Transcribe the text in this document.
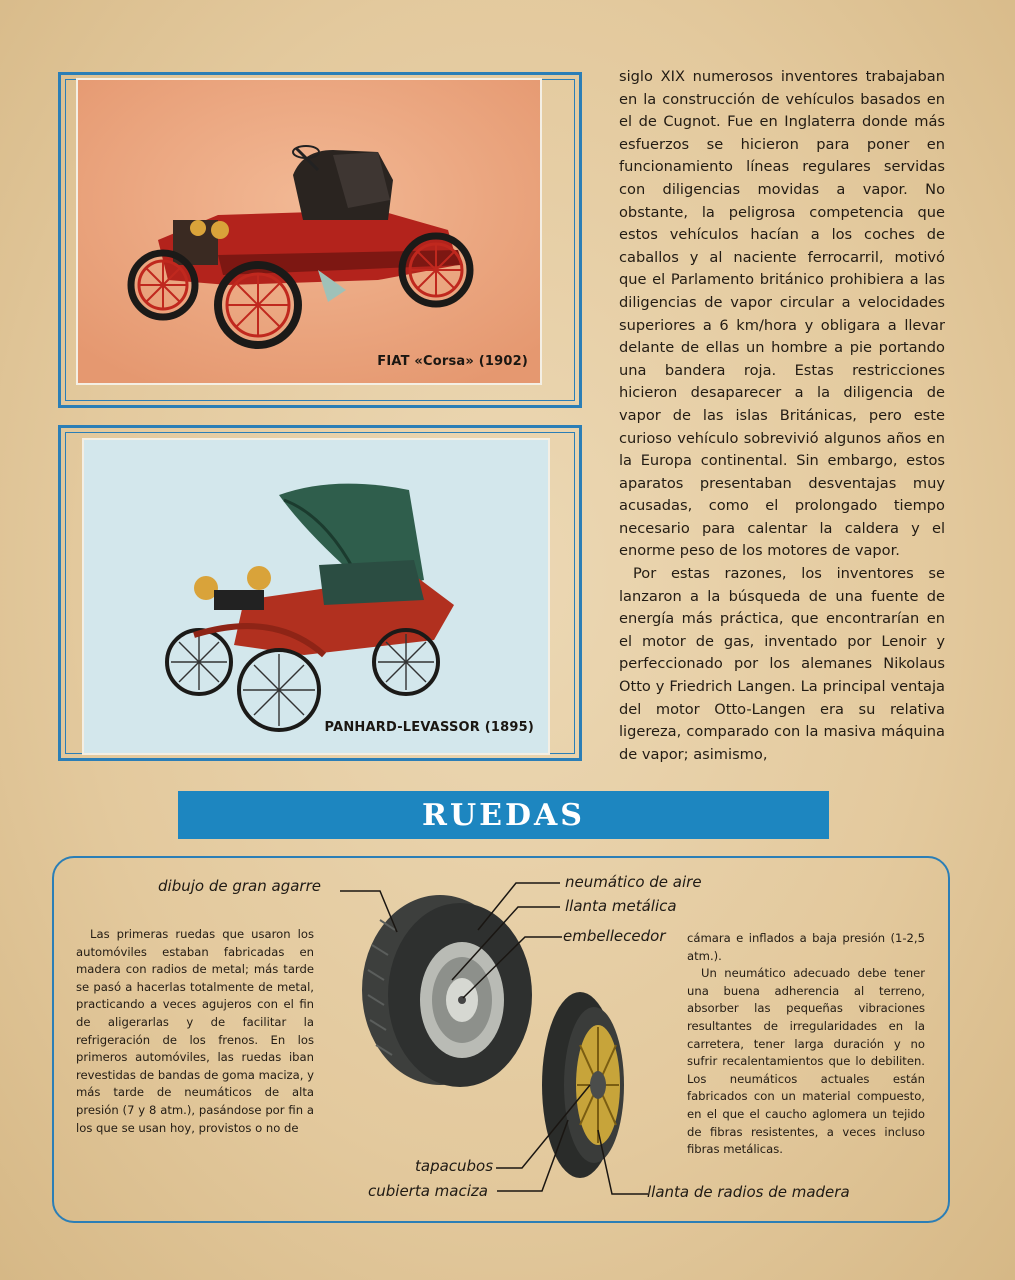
FIAT «Corsa» (1902)
PANHARD-LEVASSOR (1895)

siglo XIX numerosos inventores trabajaban en la construcción de vehículos basados en el de Cugnot. Fue en Inglaterra donde más esfuerzos se hicieron para poner en funcionamiento líneas regulares servidas con diligencias movidas a vapor. No obstante, la peligrosa competencia que estos vehículos hacían a los coches de caballos y al naciente ferrocarril, motivó que el Parlamento británico prohibiera a las diligencias de vapor circular a velocidades superiores a 6 km/hora y obligara a llevar delante de ellas un hombre a pie portando una bandera roja. Estas restricciones hicieron desaparecer a la diligencia de vapor de las islas Británicas, pero este curioso vehículo sobrevivió algunos años en la Europa continental. Sin embargo, estos aparatos presentaban desventajas muy acusadas, como el prolongado tiempo necesario para calentar la caldera y el enorme peso de los motores de vapor.

Por estas razones, los inventores se lanzaron a la búsqueda de una fuente de energía más práctica, que encontrarían en el motor de gas, inventado por Lenoir y perfeccionado por los alemanes Nikolaus Otto y Friedrich Langen. La principal ventaja del motor Otto-Langen era su relativa ligereza, comparado con la masiva máquina de vapor; asimismo,

RUEDAS

Las primeras ruedas que usaron los automóviles estaban fabricadas en madera con radios de metal; más tarde se pasó a hacerlas totalmente de metal, practicando a veces agujeros con el fin de aligerarlas y de facilitar la refrigeración de los frenos. En los primeros automóviles, las ruedas iban revestidas de bandas de goma maciza, y más tarde de neumáticos de alta presión (7 y 8 atm.), pasándose por fin a los que se usan hoy, provistos o no de

cámara e inflados a baja presión (1-2,5 atm.).

Un neumático adecuado debe tener una buena adherencia al terreno, absorber las pequeñas vibraciones resultantes de irregularidades en la carretera, tener larga duración y no sufrir recalentamientos que lo debiliten. Los neumáticos actuales están fabricados con un material compuesto, en el que el caucho aglomera un tejido de fibras resistentes, a veces incluso fibras metálicas.

dibujo de gran agarre	neumático de aire
llanta metálica
embellecedor
tapacubos
cubierta maciza	llanta de radios de madera
